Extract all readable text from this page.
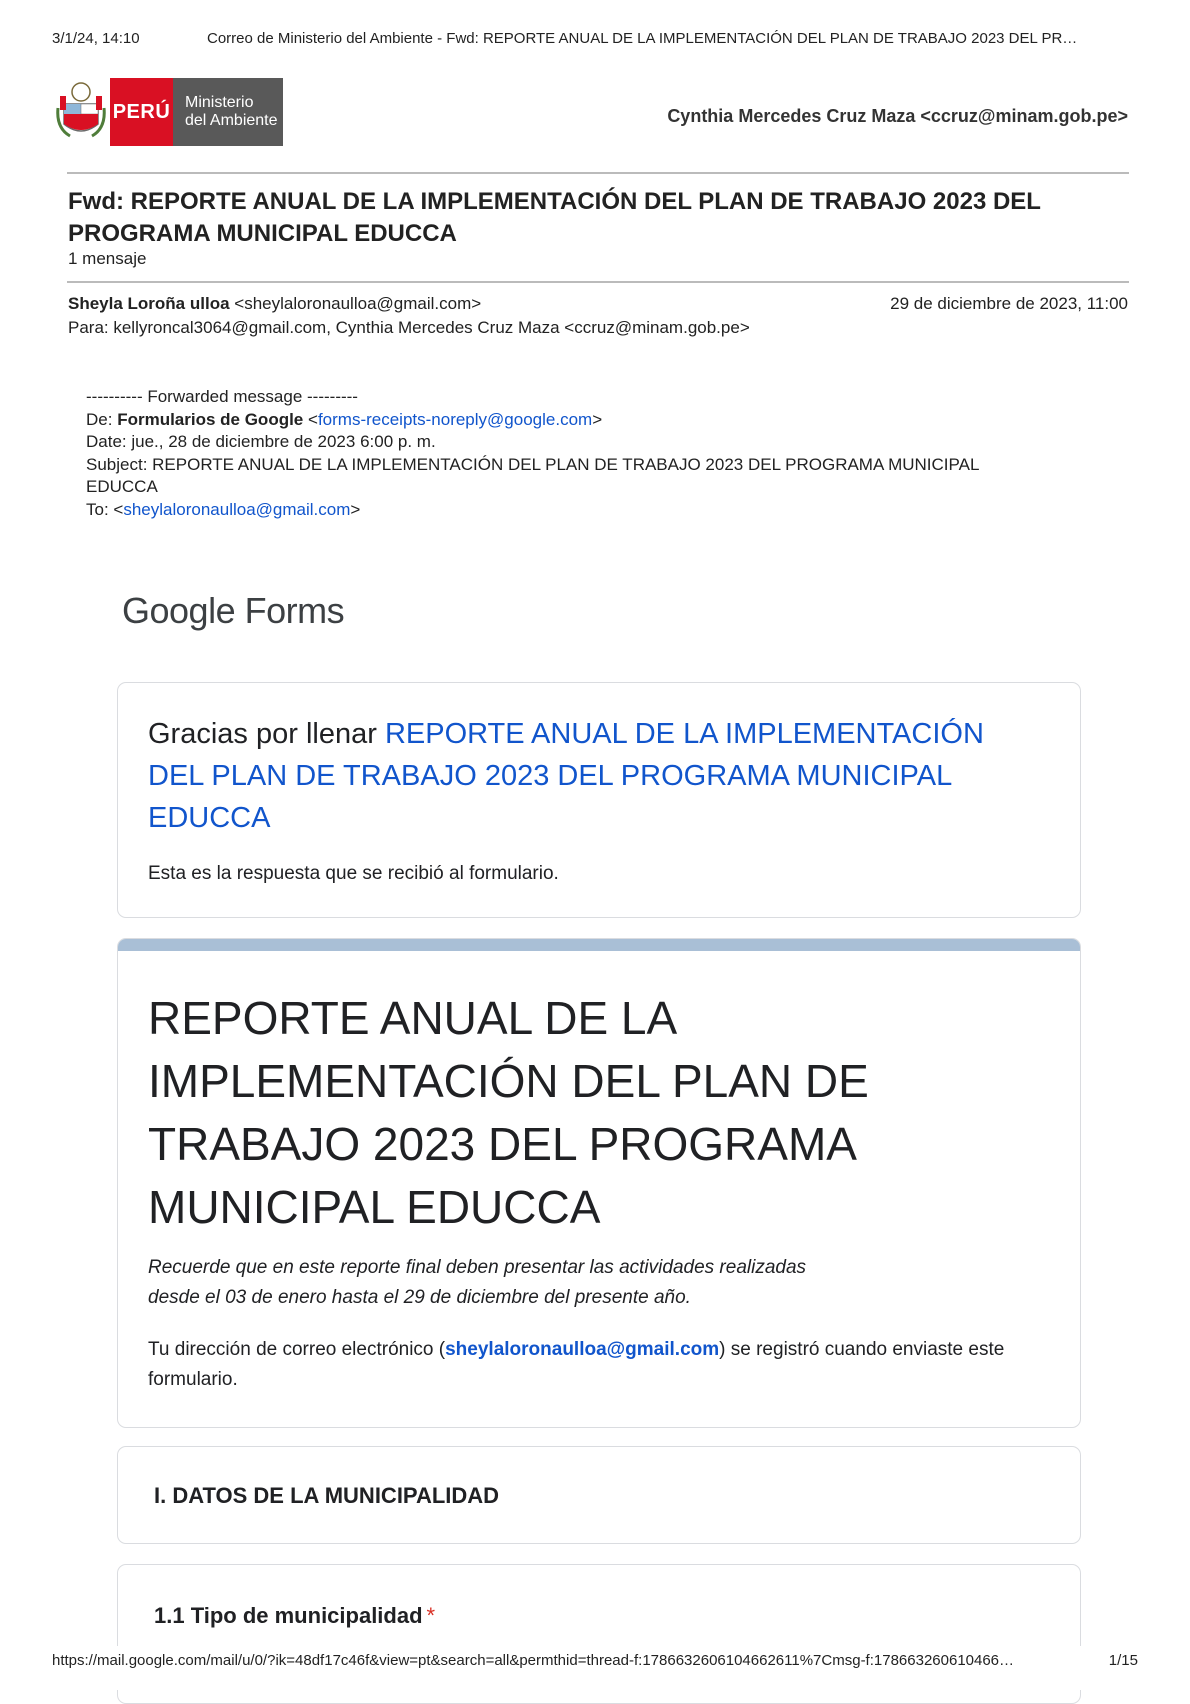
3/1/24, 14:10	Correo de Ministerio del Ambiente - Fwd: REPORTE ANUAL DE LA IMPLEMENTACIÓN DEL PLAN DE TRABAJO 2023 DEL PR…
PERÚ Ministerio
del Ambiente	Cynthia Mercedes Cruz Maza <ccruz@minam.gob.pe>
Fwd: REPORTE ANUAL DE LA IMPLEMENTACIÓN DEL PLAN DE TRABAJO 2023 DEL PROGRAMA MUNICIPAL EDUCCA
1 mensaje
Sheyla Loroña ulloa <sheylaloronaulloa@gmail.com>	29 de diciembre de 2023, 11:00
Para: kellyroncal3064@gmail.com, Cynthia Mercedes Cruz Maza <ccruz@minam.gob.pe>
---------- Forwarded message ---------
De: Formularios de Google <forms-receipts-noreply@google.com>
Date: jue., 28 de diciembre de 2023 6:00 p. m.
Subject: REPORTE ANUAL DE LA IMPLEMENTACIÓN DEL PLAN DE TRABAJO 2023 DEL PROGRAMA MUNICIPAL EDUCCA
To: <sheylaloronaulloa@gmail.com>
Google Forms
Gracias por llenar REPORTE ANUAL DE LA IMPLEMENTACIÓN DEL PLAN DE TRABAJO 2023 DEL PROGRAMA MUNICIPAL EDUCCA
Esta es la respuesta que se recibió al formulario.
REPORTE ANUAL DE LA IMPLEMENTACIÓN DEL PLAN DE TRABAJO 2023 DEL PROGRAMA MUNICIPAL EDUCCA
Recuerde que en este reporte final deben presentar las actividades realizadas
desde el 03 de enero hasta el 29 de diciembre del presente año.
Tu dirección de correo electrónico (sheylaloronaulloa@gmail.com) se registró cuando enviaste este formulario.
I. DATOS DE LA MUNICIPALIDAD
1.1 Tipo de municipalidad *
https://mail.google.com/mail/u/0/?ik=48df17c46f&view=pt&search=all&permthid=thread-f:1786632606104662611%7Cmsg-f:178663260610466…	1/15
